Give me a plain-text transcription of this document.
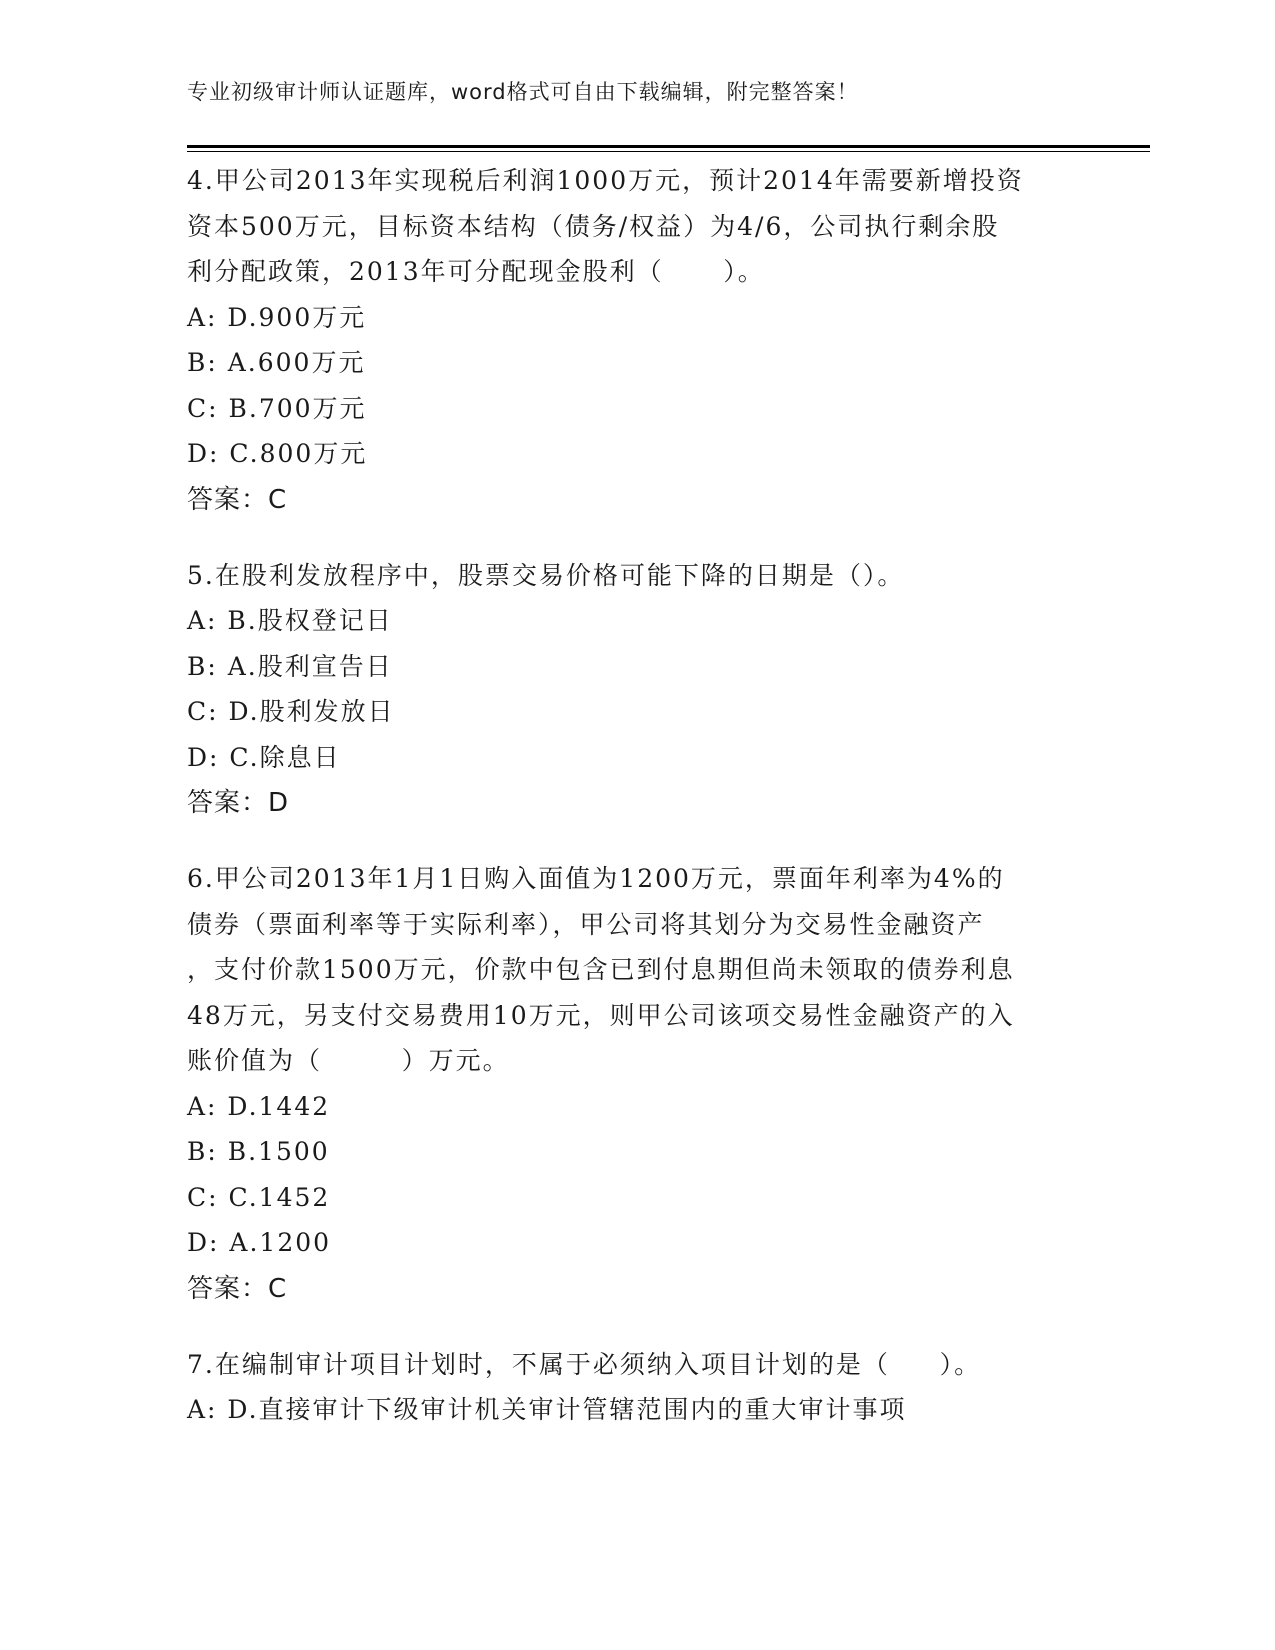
专业初级审计师认证题库，word格式可自由下载编辑，附完整答案！

4.甲公司2013年实现税后利润1000万元，预计2014年需要新增投资

资本500万元，目标资本结构（债务/权益）为4/6，公司执行剩余股

利分配政策，2013年可分配现金股利（      ）。

A: D.900万元

B: A.600万元

C: B.700万元

D: C.800万元

答案：C

5.在股利发放程序中，股票交易价格可能下降的日期是（）。

A: B.股权登记日

B: A.股利宣告日

C: D.股利发放日

D: C.除息日

答案：D

6.甲公司2013年1月1日购入面值为1200万元，票面年利率为4%的

债券（票面利率等于实际利率），甲公司将其划分为交易性金融资产

，支付价款1500万元，价款中包含已到付息期但尚未领取的债券利息

48万元，另支付交易费用10万元，则甲公司该项交易性金融资产的入

账价值为（        ）万元。

A: D.1442

B: B.1500

C: C.1452

D: A.1200

答案：C

7.在编制审计项目计划时，不属于必须纳入项目计划的是（     ）。

A: D.直接审计下级审计机关审计管辖范围内的重大审计事项
